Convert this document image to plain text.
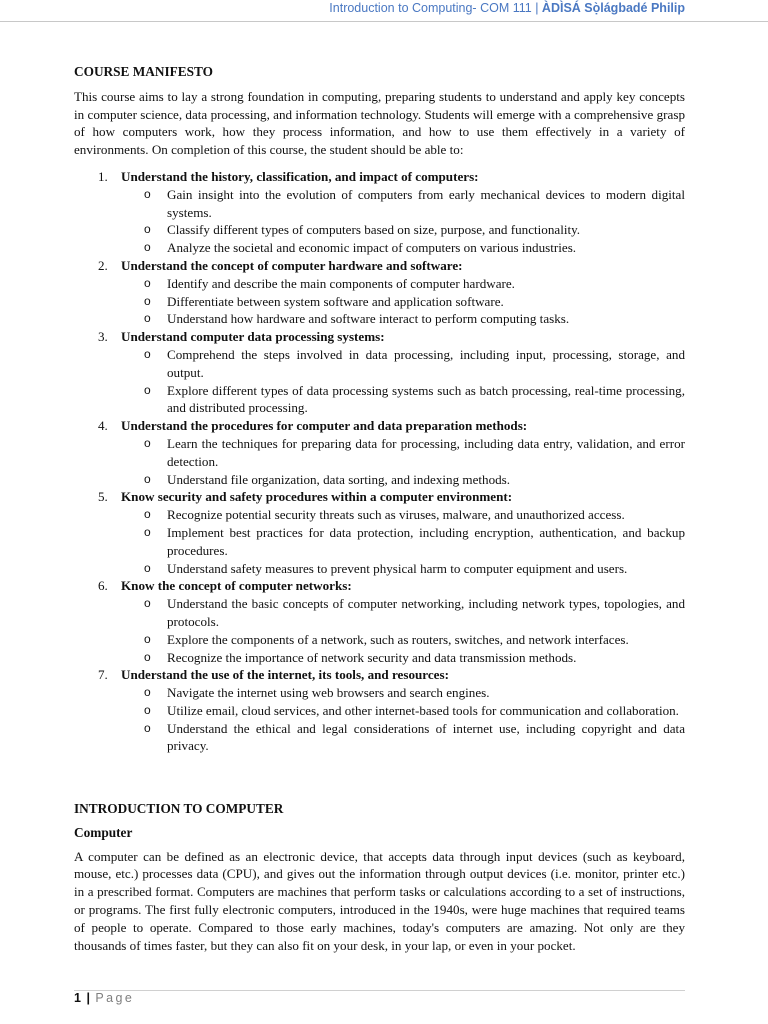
Introduction to Computing- COM 111 | ÀDÌSÁ Sọ̀lágbadé Philip
COURSE MANIFESTO

This course aims to lay a strong foundation in computing, preparing students to understand and apply key concepts in computer science, data processing, and information technology. Students will emerge with a comprehensive grasp of how computers work, how they process information, and how to use them effectively in a variety of environments. On completion of this course, the student should be able to:

1. Understand the history, classification, and impact of computers:
o Gain insight into the evolution of computers from early mechanical devices to modern digital systems.
o Classify different types of computers based on size, purpose, and functionality.
o Analyze the societal and economic impact of computers on various industries.
2. Understand the concept of computer hardware and software:
o Identify and describe the main components of computer hardware.
o Differentiate between system software and application software.
o Understand how hardware and software interact to perform computing tasks.
3. Understand computer data processing systems:
o Comprehend the steps involved in data processing, including input, processing, storage, and output.
o Explore different types of data processing systems such as batch processing, real-time processing, and distributed processing.
4. Understand the procedures for computer and data preparation methods:
o Learn the techniques for preparing data for processing, including data entry, validation, and error detection.
o Understand file organization, data sorting, and indexing methods.
5. Know security and safety procedures within a computer environment:
o Recognize potential security threats such as viruses, malware, and unauthorized access.
o Implement best practices for data protection, including encryption, authentication, and backup procedures.
o Understand safety measures to prevent physical harm to computer equipment and users.
6. Know the concept of computer networks:
o Understand the basic concepts of computer networking, including network types, topologies, and protocols.
o Explore the components of a network, such as routers, switches, and network interfaces.
o Recognize the importance of network security and data transmission methods.
7. Understand the use of the internet, its tools, and resources:
o Navigate the internet using web browsers and search engines.
o Utilize email, cloud services, and other internet-based tools for communication and collaboration.
o Understand the ethical and legal considerations of internet use, including copyright and data privacy.
INTRODUCTION TO COMPUTER
Computer

A computer can be defined as an electronic device, that accepts data through input devices (such as keyboard, mouse, etc.) processes data (CPU), and gives out the information through output devices (i.e. monitor, printer etc.) in a prescribed format. Computers are machines that perform tasks or calculations according to a set of instructions, or programs. The first fully electronic computers, introduced in the 1940s, were huge machines that required teams of people to operate. Compared to those early machines, today's computers are amazing. Not only are they thousands of times faster, but they can also fit on your desk, in your lap, or even in your pocket.

1 | Page
